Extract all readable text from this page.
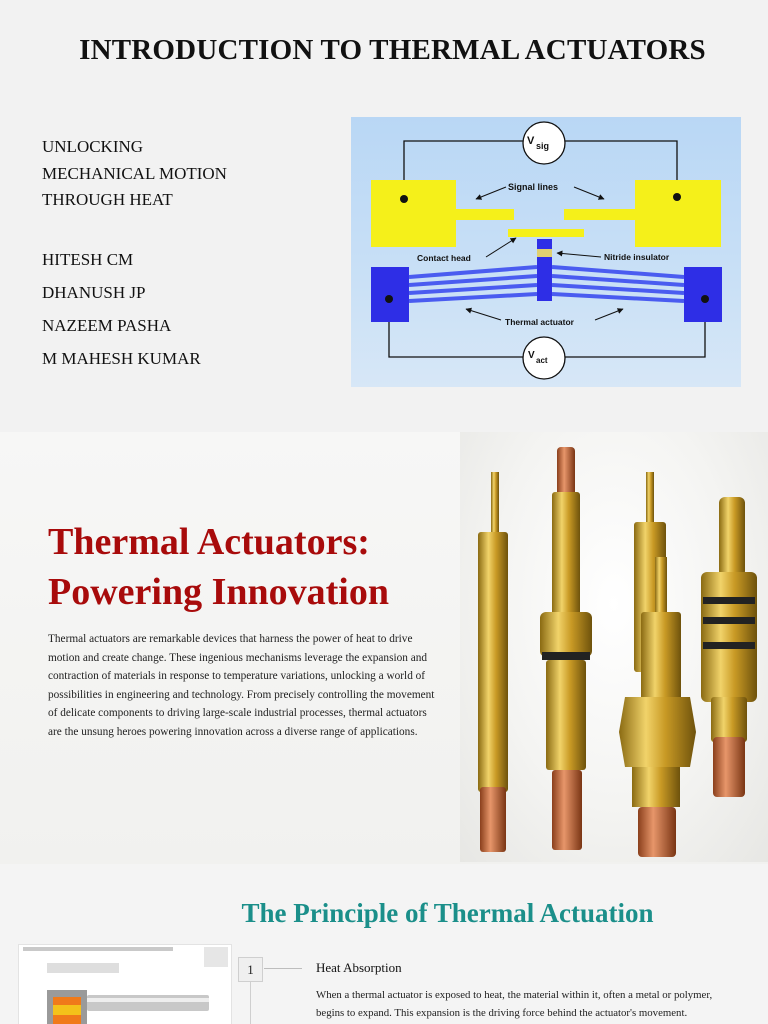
INTRODUCTION TO THERMAL ACTUATORS
UNLOCKING
MECHANICAL MOTION
THROUGH HEAT
HITESH CM
DHANUSH JP
NAZEEM PASHA
M MAHESH KUMAR
V sig
V act
Signal lines
Contact head	Nitride insulator
Thermal actuator
Thermal Actuators:
Powering Innovation

Thermal actuators are remarkable devices that harness the power of heat to drive motion and create change. These ingenious mechanisms leverage the expansion and contraction of materials in response to temperature variations, unlocking a world of possibilities in engineering and technology. From precisely controlling the movement of delicate components to driving large-scale industrial processes, thermal actuators are the unsung heroes powering innovation across a diverse range of applications.

The Principle of Thermal Actuation
1	Heat Absorption

When a thermal actuator is exposed to heat, the material within it, often a metal or polymer, begins to expand. This expansion is the driving force behind the actuator's movement.
